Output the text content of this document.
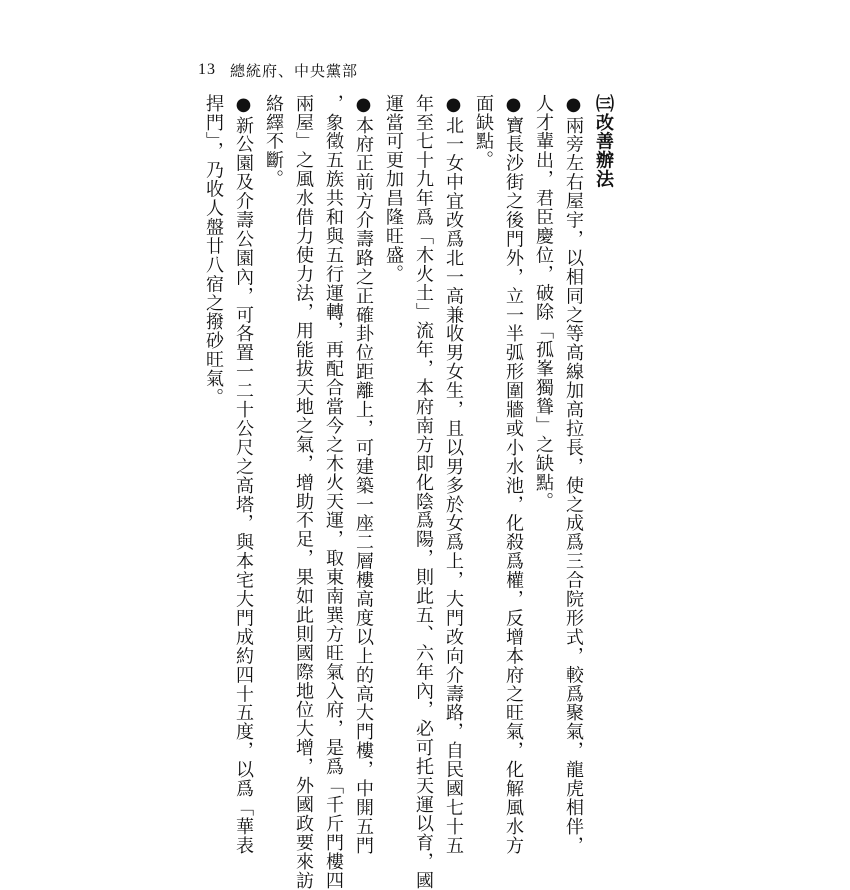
13 總統府、中央黨部
㈢改善辦法
●兩旁左右屋宇，以相同之等高線加高拉長，使之成爲三合院形式，較爲聚氣，龍虎相伴，
人才輩出，君臣慶位，破除「孤峯獨聳」之缺點。
●寶長沙街之後門外，立一半弧形圍牆或小水池，化殺爲權，反增本府之旺氣，化解風水方
面缺點。
●北一女中宜改爲北一高兼收男女生，且以男多於女爲上，大門改向介壽路，自民國七十五
年至七十九年爲「木火土」流年，本府南方即化陰爲陽，則此五、六年內，必可托天運以育，國
運當可更加昌隆旺盛。
●本府正前方介壽路之正確卦位距離上，可建築一座二層樓高度以上的高大門樓，中開五門
，象徵五族共和與五行運轉，再配合當今之木火天運，取東南巽方旺氣入府，是爲「千斤門樓四
兩屋」之風水借力使力法，用能拔天地之氣，增助不足，果如此則國際地位大增，外國政要來訪
絡繹不斷。
●新公園及介壽公園內，可各置一二十公尺之高塔，與本宅大門成約四十五度，以爲「華表
捍門」，乃收人盤廿八宿之撥砂旺氣。
